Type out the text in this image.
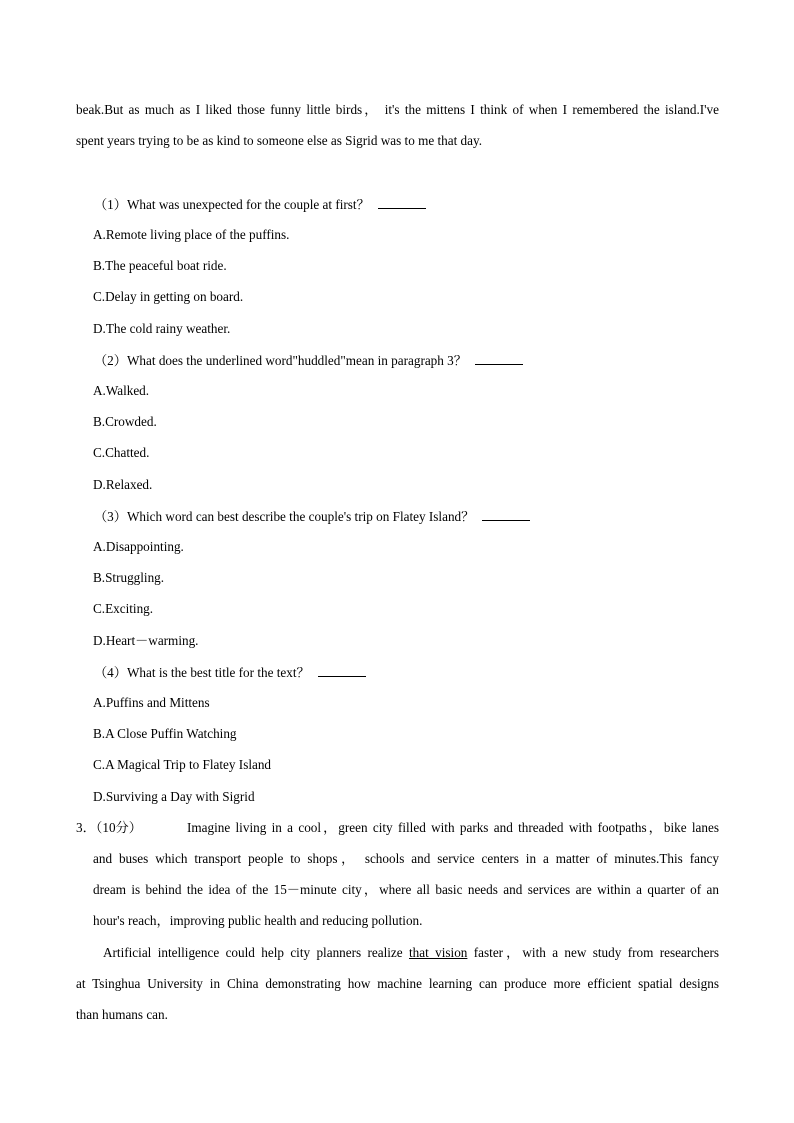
beak.But as much as I liked those funny little birds， it's the mittens I think of when I remembered the island.I've
spent years trying to be as kind to someone else as Sigrid was to me that day.
（1）What was unexpected for the couple at first？
A.Remote living place of the puffins.
B.The peaceful boat ride.
C.Delay in getting on board.
D.The cold rainy weather.
（2）What does the underlined word"huddled"mean in paragraph 3？
A.Walked.
B.Crowded.
C.Chatted.
D.Relaxed.
（3）Which word can best describe the couple's trip on Flatey Island？
A.Disappointing.
B.Struggling.
C.Exciting.
D.Heart－warming.
（4）What is the best title for the text？
A.Puffins and Mittens
B.A Close Puffin Watching
C.A Magical Trip to Flatey Island
D.Surviving a Day with Sigrid
3．（10分）	Imagine living in a cool，green city filled with parks and threaded with footpaths，bike lanes
and buses which transport people to shops， schools and service centers in a matter of minutes.This fancy
dream is behind the idea of the 15－minute city，where all basic needs and services are within a quarter of an
hour's reach，improving public health and reducing pollution.
Artificial intelligence could help city planners realize that vision faster，with a new study from researchers
at Tsinghua University in China demonstrating how machine learning can produce more efficient spatial designs
than humans can.
